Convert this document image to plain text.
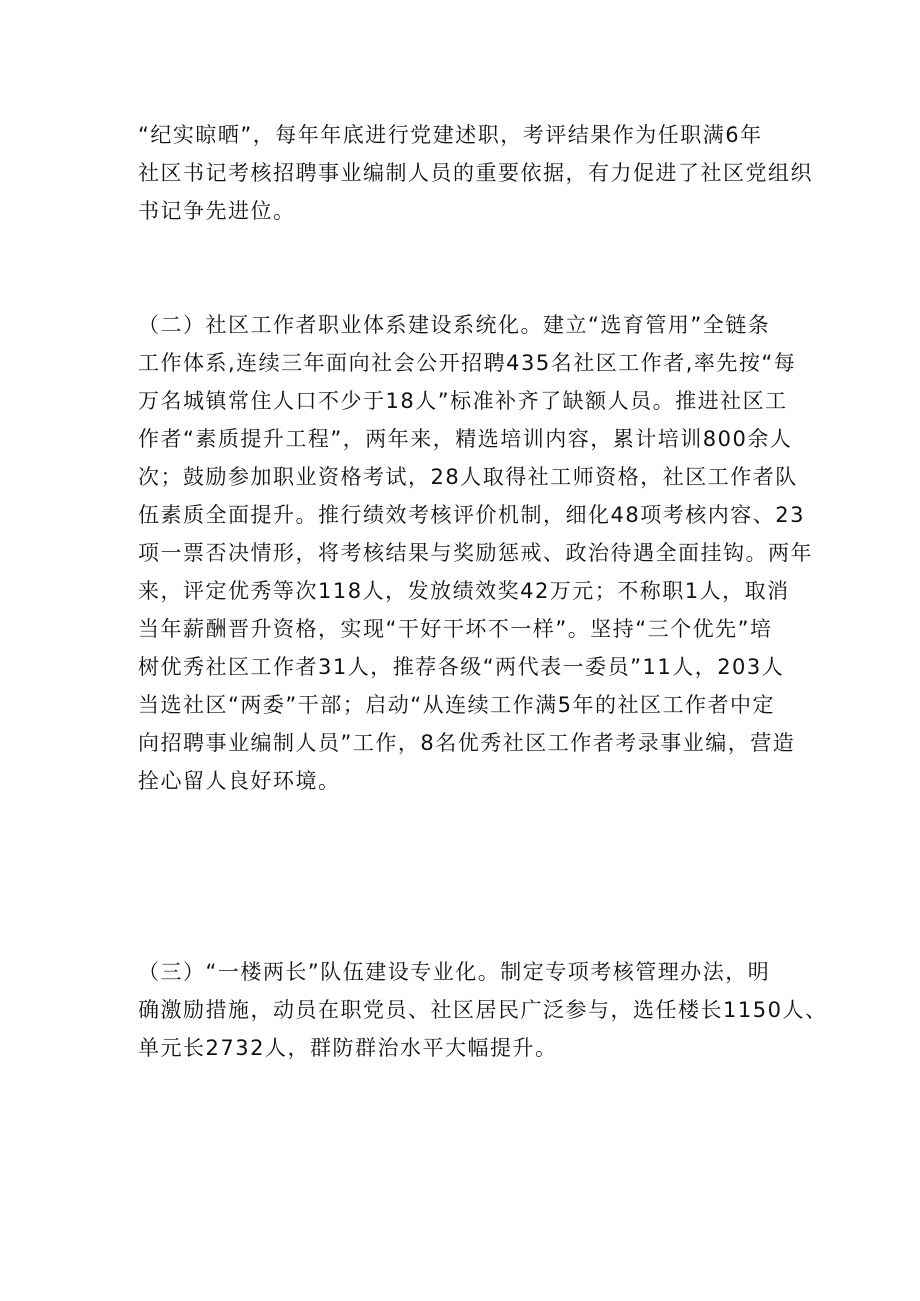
“纪实晾晒”，每年年底进行党建述职，考评结果作为任职满6年
社区书记考核招聘事业编制人员的重要依据，有力促进了社区党组织
书记争先进位。

（二）社区工作者职业体系建设系统化。建立“选育管用”全链条
工作体系,连续三年面向社会公开招聘435名社区工作者,率先按“每
万名城镇常住人口不少于18人”标准补齐了缺额人员。推进社区工
作者“素质提升工程”，两年来，精选培训内容，累计培训800余人
次；鼓励参加职业资格考试，28人取得社工师资格，社区工作者队
伍素质全面提升。推行绩效考核评价机制，细化48项考核内容、23
项一票否决情形，将考核结果与奖励惩戒、政治待遇全面挂钩。两年
来，评定优秀等次118人，发放绩效奖42万元；不称职1人，取消
当年薪酬晋升资格，实现“干好干坏不一样”。坚持“三个优先”培
树优秀社区工作者31人，推荐各级“两代表一委员”11人，203人
当选社区“两委”干部；启动“从连续工作满5年的社区工作者中定
向招聘事业编制人员”工作，8名优秀社区工作者考录事业编，营造
拴心留人良好环境。

（三）“一楼两长”队伍建设专业化。制定专项考核管理办法，明
确激励措施，动员在职党员、社区居民广泛参与，选任楼长1150人、
单元长2732人，群防群治水平大幅提升。
